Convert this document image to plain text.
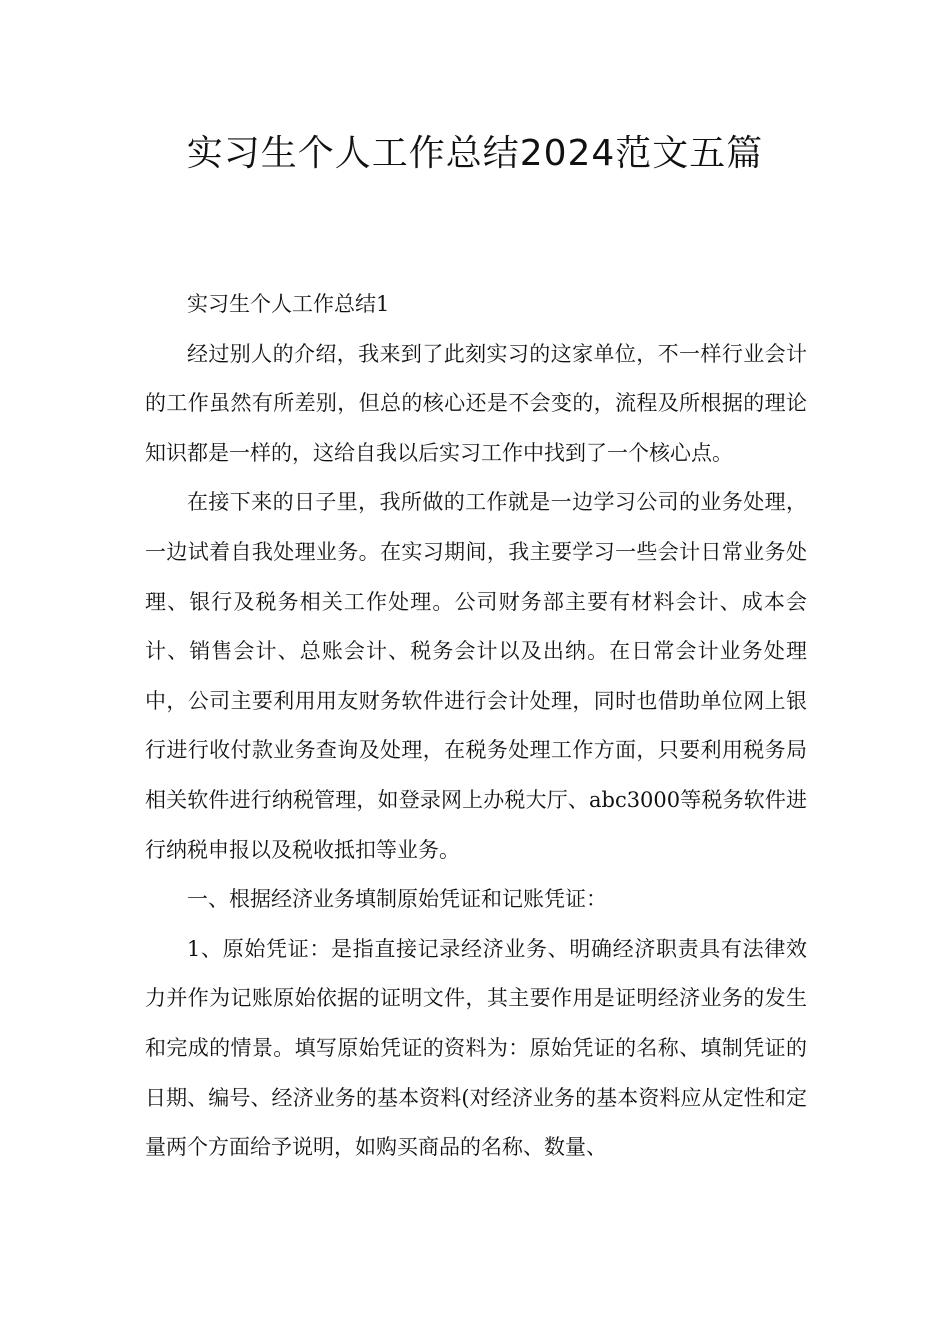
实习生个人工作总结2024范文五篇

实习生个人工作总结1

经过别人的介绍，我来到了此刻实习的这家单位，不一样行业会计的工作虽然有所差别，但总的核心还是不会变的，流程及所根据的理论知识都是一样的，这给自我以后实习工作中找到了一个核心点。

在接下来的日子里，我所做的工作就是一边学习公司的业务处理，一边试着自我处理业务。在实习期间，我主要学习一些会计日常业务处理、银行及税务相关工作处理。公司财务部主要有材料会计、成本会计、销售会计、总账会计、税务会计以及出纳。在日常会计业务处理中，公司主要利用用友财务软件进行会计处理，同时也借助单位网上银行进行收付款业务查询及处理，在税务处理工作方面，只要利用税务局相关软件进行纳税管理，如登录网上办税大厅、abc3000等税务软件进行纳税申报以及税收抵扣等业务。

一、根据经济业务填制原始凭证和记账凭证：

1、原始凭证：是指直接记录经济业务、明确经济职责具有法律效力并作为记账原始依据的证明文件，其主要作用是证明经济业务的发生和完成的情景。填写原始凭证的资料为：原始凭证的名称、填制凭证的日期、编号、经济业务的基本资料(对经济业务的基本资料应从定性和定量两个方面给予说明，如购买商品的名称、数量、
